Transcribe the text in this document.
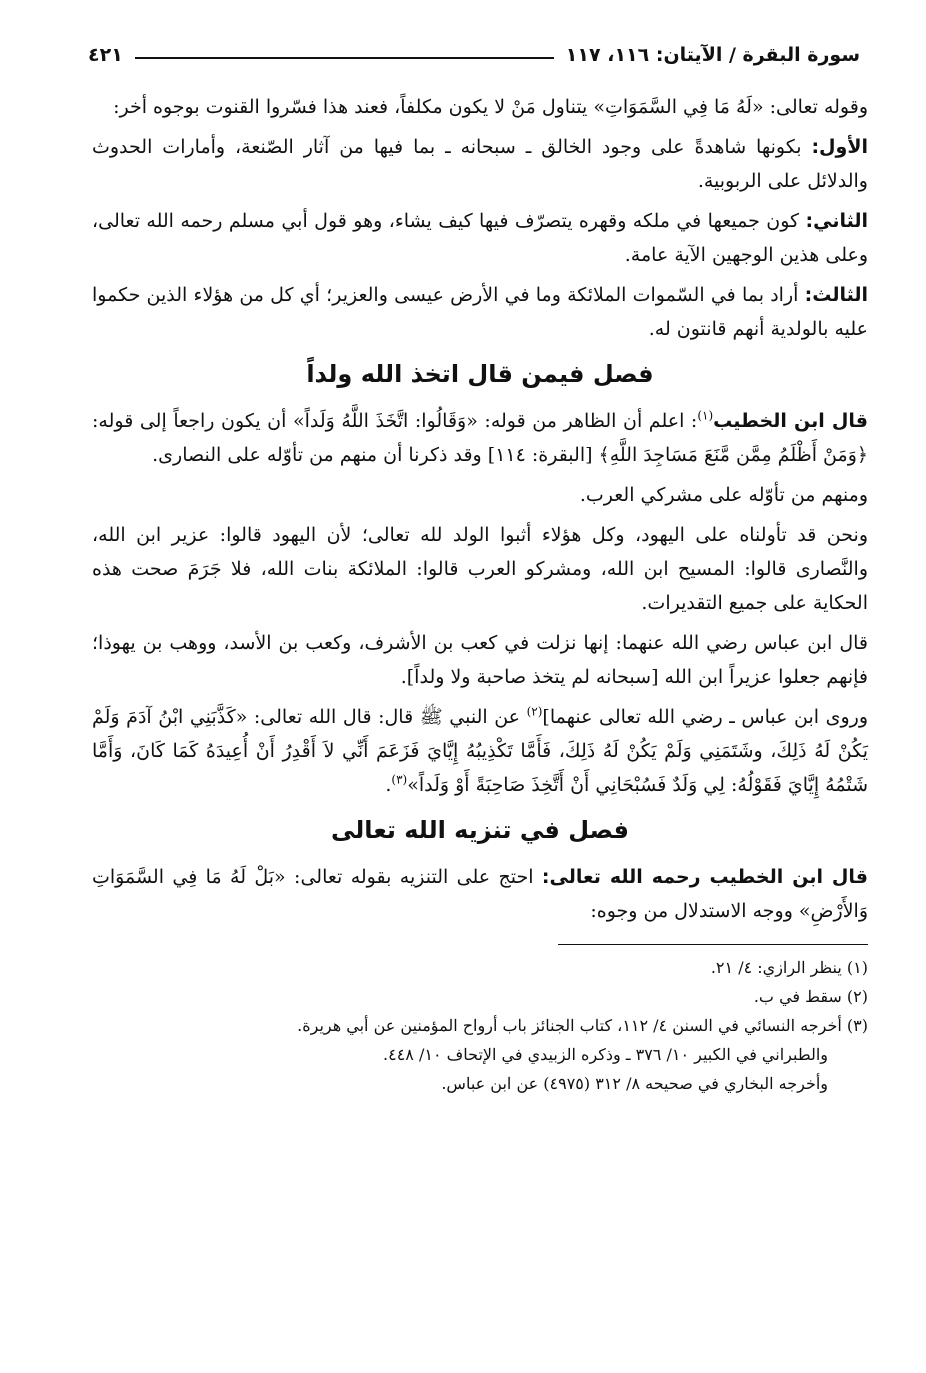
سورة البقرة / الآيتان: ١١٦، ١١٧
٤٢١

وقوله تعالى: «لَهُ مَا فِي السَّمَوَاتِ» يتناول مَنْ لا يكون مكلفاً، فعند هذا فسّروا القنوت بوجوه أخر:

الأول: بكونها شاهدةً على وجود الخالق ـ سبحانه ـ بما فيها من آثار الصّنعة، وأمارات الحدوث والدلائل على الربوبية.

الثاني: كون جميعها في ملكه وقهره يتصرّف فيها كيف يشاء، وهو قول أبي مسلم رحمه الله تعالى، وعلى هذين الوجهين الآية عامة.

الثالث: أراد بما في السّموات الملائكة وما في الأرض عيسى والعزير؛ أي كل من هؤلاء الذين حكموا عليه بالولدية أنهم قانتون له.

فصل فيمن قال اتخذ الله ولداً

قال ابن الخطيب$^{(١)}$: اعلم أن الظاهر من قوله: «وَقَالُوا: اتَّخَذَ اللَّهُ وَلَداً» أن يكون راجعاً إلى قوله: ﴿وَمَنْ أَظْلَمُ مِمَّن مَّنَعَ مَسَاجِدَ اللَّهِ﴾ [البقرة: ١١٤] وقد ذكرنا أن منهم من تأوّله على النصارى.

ومنهم من تأوّله على مشركي العرب.

ونحن قد تأولناه على اليهود، وكل هؤلاء أثبوا الولد لله تعالى؛ لأن اليهود قالوا: عزير ابن الله، والنَّصارى قالوا: المسيح ابن الله، ومشركو العرب قالوا: الملائكة بنات الله، فلا جَرَمَ صحت هذه الحكاية على جميع التقديرات.

قال ابن عباس رضي الله عنهما: إنها نزلت في كعب بن الأشرف، وكعب بن الأسد، ووهب بن يهوذا؛ فإنهم جعلوا عزيراً ابن الله [سبحانه لم يتخذ صاحبة ولا ولداً].

وروى ابن عباس ـ رضي الله تعالى عنهما]$^{(٢)}$ عن النبي ﷺ قال: قال الله تعالى: «كَذَّبَنِي ابْنُ آدَمَ وَلَمْ يَكُنْ لَهُ ذَلِكَ، وشَتَمَنِي وَلَمْ يَكُنْ لَهُ ذَلِكَ، فَأَمَّا تَكْذِيبُهُ إِيَّايَ فَزَعَمَ أَنِّي لاَ أَقْدِرُ أَنْ أُعِيدَهُ كَمَا كَانَ، وَأَمَّا شَتْمُهُ إِيَّايَ فَقَوْلُهُ: لِي وَلَدٌ فَسُبْحَانِي أَنْ أَتَّخِذَ صَاحِبَةً أَوْ وَلَداً»$^{(٣)}$.

فصل في تنزيه الله تعالى

قال ابن الخطيب رحمه الله تعالى: احتج على التنزيه بقوله تعالى: «بَلْ لَهُ مَا فِي السَّمَوَاتِ وَالأَرْضِ» ووجه الاستدلال من وجوه:

(١) ينظر الرازي: ٤/ ٢١.

(٢) سقط في ب.

(٣) أخرجه النسائي في السنن ٤/ ١١٢، كتاب الجنائز باب أرواح المؤمنين عن أبي هريرة.

والطبراني في الكبير ١٠/ ٣٧٦ ـ وذكره الزبيدي في الإتحاف ١٠/ ٤٤٨.

وأخرجه البخاري في صحيحه ٨/ ٣١٢ (٤٩٧٥) عن ابن عباس.
